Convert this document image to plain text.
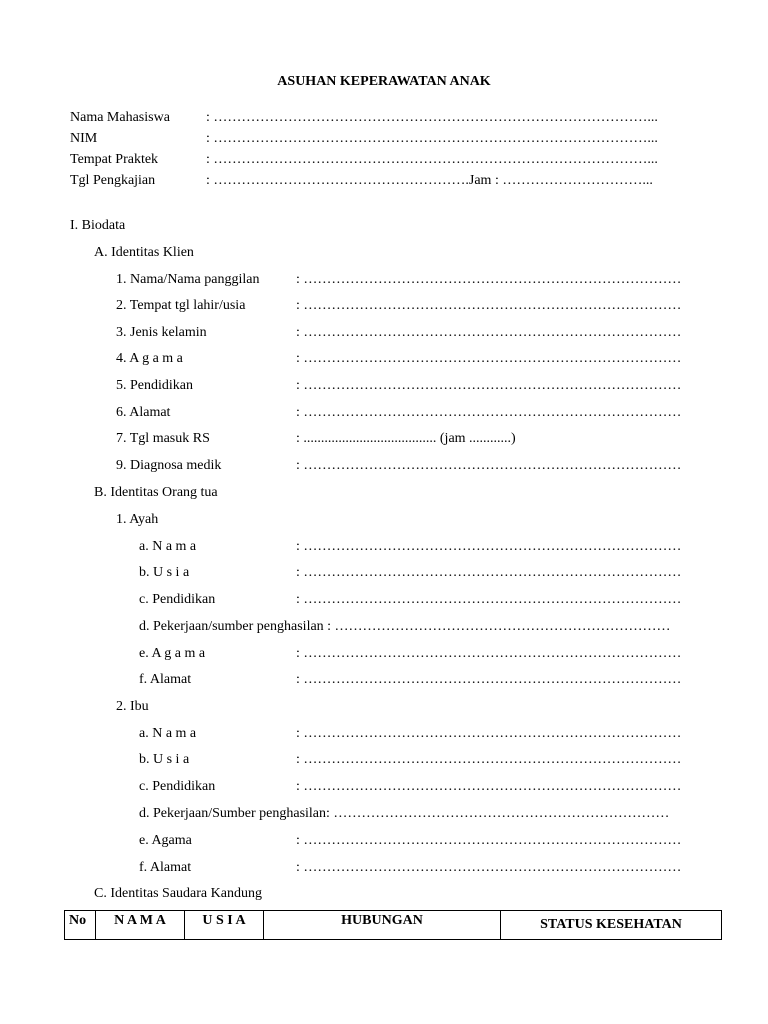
ASUHAN KEPERAWATAN ANAK
Nama Mahasiswa	: …………………………………………………………………………………...
NIM	: …………………………………………………………………………………...
Tempat Praktek	: …………………………………………………………………………………...
Tgl Pengkajian	: ……………………………………………….Jam : …………………………...
I. Biodata
A. Identitas Klien
1. Nama/Nama panggilan	: ………………………………………………………………………
2. Tempat tgl lahir/usia	: ………………………………………………………………………
3. Jenis kelamin	: ………………………………………………………………………
4. A g a m a	: ………………………………………………………………………
5. Pendidikan	: ………………………………………………………………………
6. Alamat	: ………………………………………………………………………
7. Tgl masuk RS	: ...................................... (jam ............)
9. Diagnosa medik	: ………………………………………………………………………
B. Identitas Orang tua
1. Ayah
a. N a m a	: ………………………………………………………………………
b. U s i a	: ………………………………………………………………………
c. Pendidikan	: ………………………………………………………………………
d. Pekerjaan/sumber penghasilan : ………………………………………………………………
e. A g a m a	: ………………………………………………………………………
f. Alamat	: ………………………………………………………………………
2. Ibu
a. N a m a	: ………………………………………………………………………
b. U s i a	: ………………………………………………………………………
c. Pendidikan	: ………………………………………………………………………
d. Pekerjaan/Sumber penghasilan: ………………………………………………………………
e. Agama	: ………………………………………………………………………
f. Alamat	: ………………………………………………………………………
C. Identitas Saudara Kandung
No	N A M A	U S I A	HUBUNGAN	STATUS KESEHATAN
